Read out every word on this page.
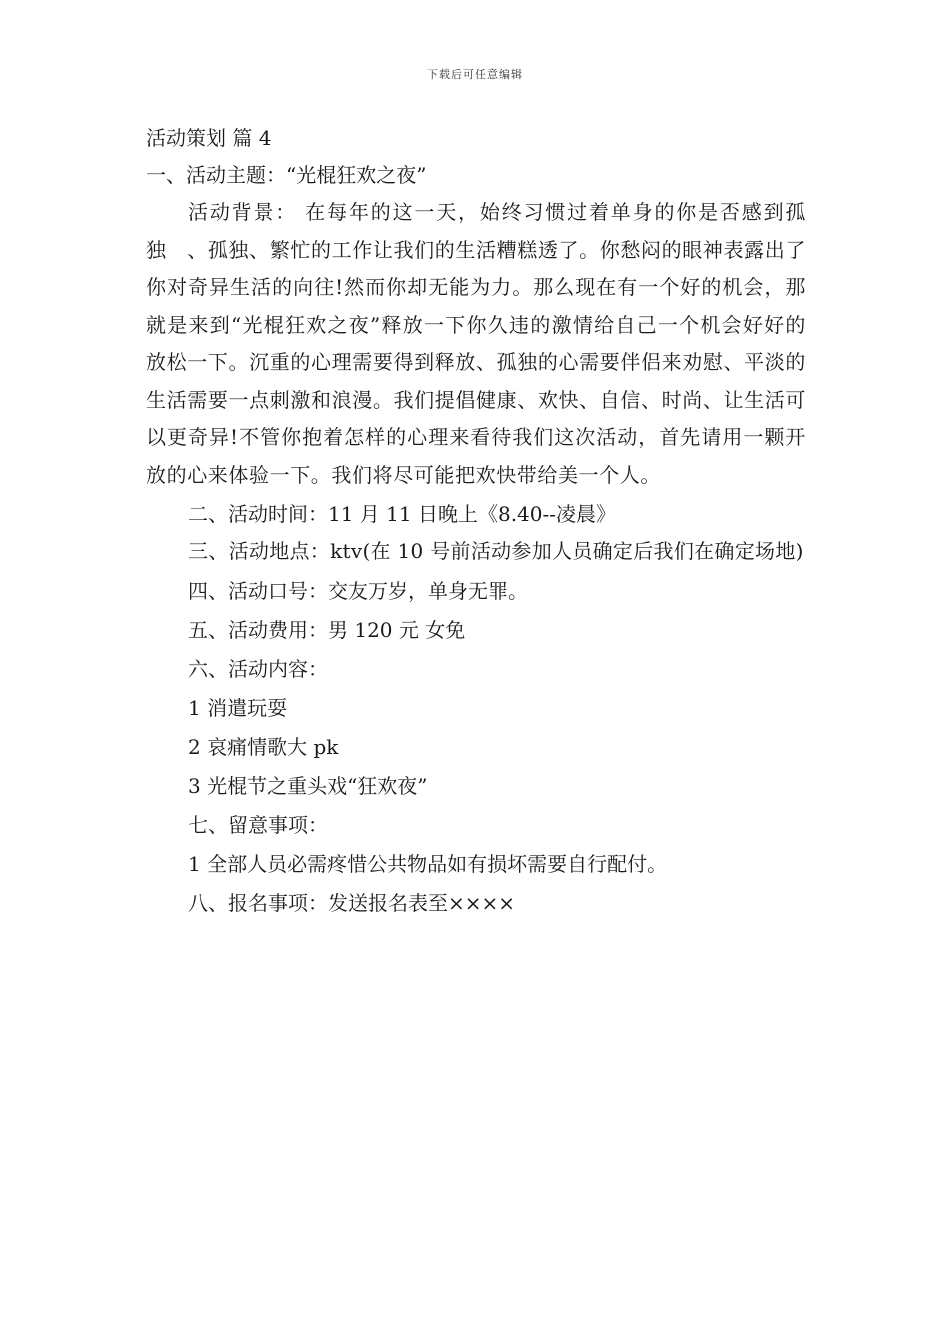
下载后可任意编辑
活动策划 篇 4
一、活动主题：“光棍狂欢之夜”

活动背景： 在每年的这一天，始终习惯过着单身的你是否感到孤独　、孤独、繁忙的工作让我们的生活糟糕透了。你愁闷的眼神表露出了你对奇异生活的向往!然而你却无能为力。那么现在有一个好的机会，那就是来到“光棍狂欢之夜”释放一下你久违的激情给自己一个机会好好的放松一下。沉重的心理需要得到释放、孤独的心需要伴侣来劝慰、平淡的生活需要一点刺激和浪漫。我们提倡健康、欢快、自信、时尚、让生活可以更奇异!不管你抱着怎样的心理来看待我们这次活动，首先请用一颗开放的心来体验一下。我们将尽可能把欢快带给美一个人。

二、活动时间：11 月 11 日晚上《8.40--凌晨》

三、活动地点：ktv(在 10 号前活动参加人员确定后我们在确定场地)

四、活动口号：交友万岁，单身无罪。
五、活动费用：男 120 元 女免
六、活动内容：
1 消遣玩耍
2 哀痛情歌大 pk
3 光棍节之重头戏“狂欢夜”
七、留意事项：
1 全部人员必需疼惜公共物品如有损坏需要自行配付。
八、报名事项：发送报名表至××××
